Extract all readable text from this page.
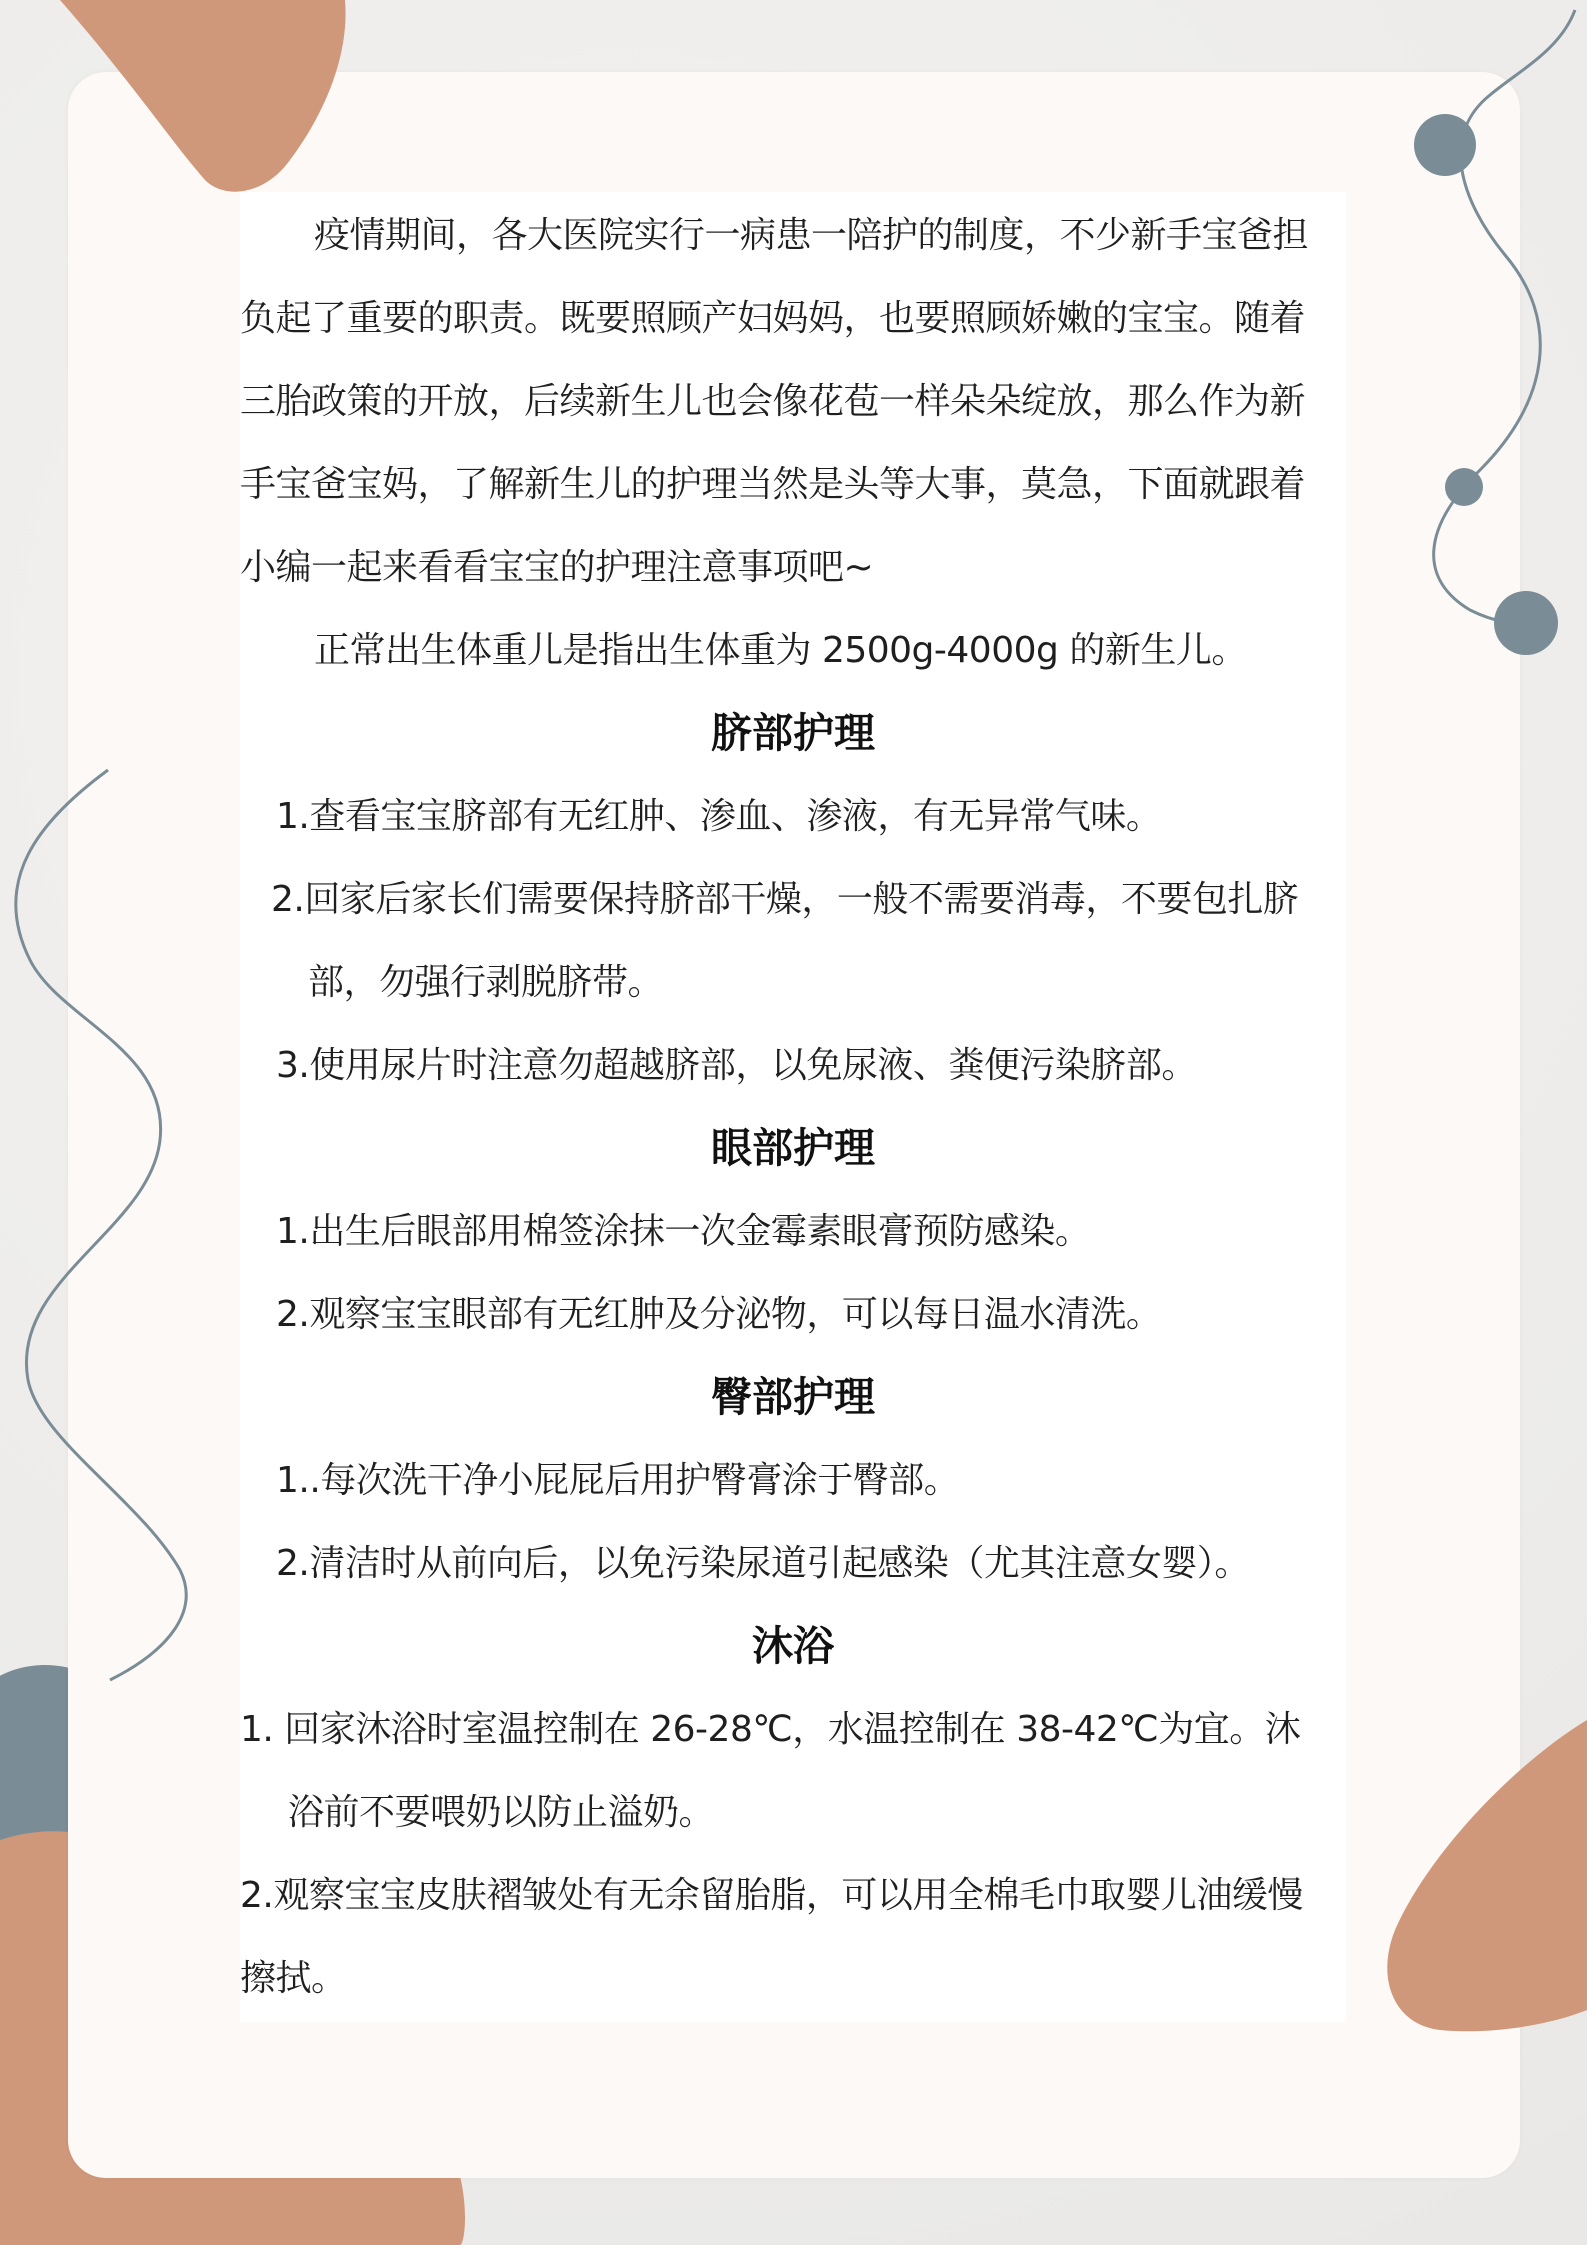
疫情期间，各大医院实行一病患一陪护的制度，不少新手宝爸担

负起了重要的职责。既要照顾产妇妈妈，也要照顾娇嫩的宝宝。随着

三胎政策的开放，后续新生儿也会像花苞一样朵朵绽放，那么作为新

手宝爸宝妈，了解新生儿的护理当然是头等大事，莫急，下面就跟着

小编一起来看看宝宝的护理注意事项吧~

正常出生体重儿是指出生体重为 2500g-4000g 的新生儿。

脐部护理

1.查看宝宝脐部有无红肿、渗血、渗液，有无异常气味。

2.回家后家长们需要保持脐部干燥，一般不需要消毒，不要包扎脐

部，勿强行剥脱脐带。

3.使用尿片时注意勿超越脐部，以免尿液、粪便污染脐部。

眼部护理

1.出生后眼部用棉签涂抹一次金霉素眼膏预防感染。

2.观察宝宝眼部有无红肿及分泌物，可以每日温水清洗。

臀部护理

1..每次洗干净小屁屁后用护臀膏涂于臀部。

2.清洁时从前向后，以免污染尿道引起感染（尤其注意女婴）。

沐浴

1. 回家沐浴时室温控制在 26-28℃，水温控制在 38-42℃为宜。沐

浴前不要喂奶以防止溢奶。

2.观察宝宝皮肤褶皱处有无余留胎脂，可以用全棉毛巾取婴儿油缓慢

擦拭。
